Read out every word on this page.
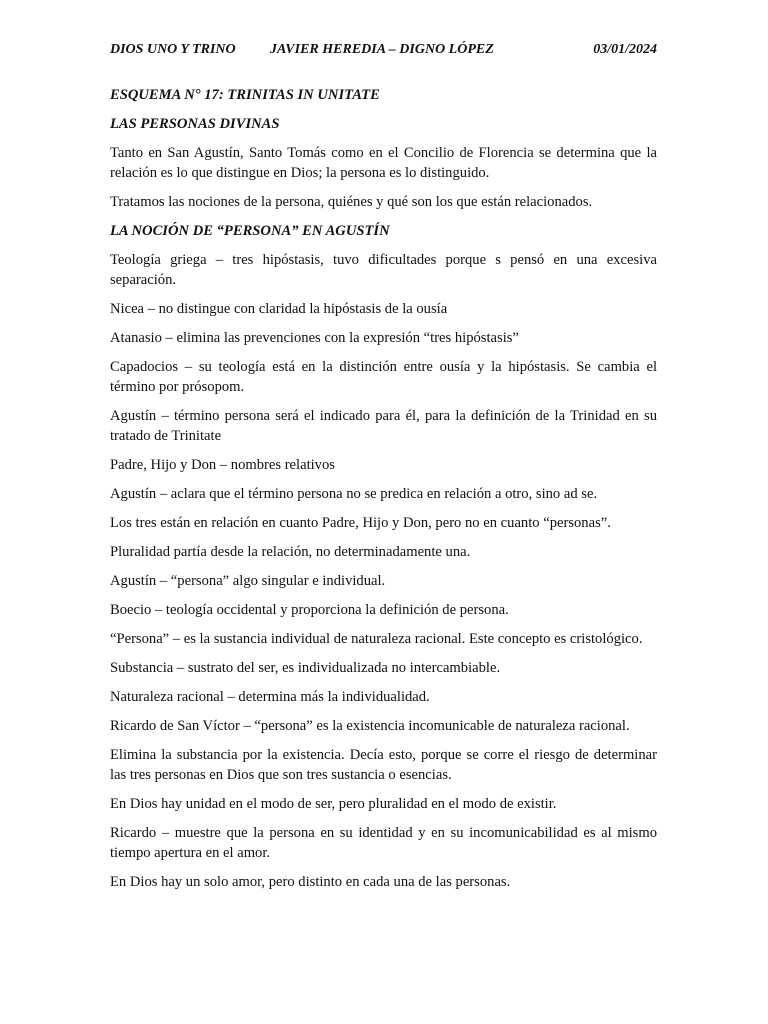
DIOS UNO Y TRINO JAVIER HEREDIA – DIGNO LÓPEZ	03/01/2024
ESQUEMA N° 17: TRINITAS IN UNITATE
LAS PERSONAS DIVINAS

Tanto en San Agustín, Santo Tomás como en el Concilio de Florencia se determina que la relación es lo que distingue en Dios; la persona es lo distinguido.

Tratamos las nociones de la persona, quiénes y qué son los que están relacionados.

LA NOCIÓN DE “PERSONA” EN AGUSTÍN

Teología griega – tres hipóstasis, tuvo dificultades porque s pensó en una excesiva separación.

Nicea – no distingue con claridad la hipóstasis de la ousía

Atanasio – elimina las prevenciones con la expresión “tres hipóstasis”

Capadocios – su teología está en la distinción entre ousía y la hipóstasis. Se cambia el término por prósopom.

Agustín – término persona será el indicado para él, para la definición de la Trinidad en su tratado de Trinitate

Padre, Hijo y Don – nombres relativos

Agustín – aclara que el término persona no se predica en relación a otro, sino ad se.

Los tres están en relación en cuanto Padre, Hijo y Don, pero no en cuanto “personas”.

Pluralidad partía desde la relación, no determinadamente una.

Agustín – “persona” algo singular e individual.

Boecio – teología occidental y proporciona la definición de persona.

“Persona” – es la sustancia individual de naturaleza racional. Este concepto es cristológico.

Substancia – sustrato del ser, es individualizada no intercambiable.

Naturaleza racional – determina más la individualidad.

Ricardo de San Víctor – “persona” es la existencia incomunicable de naturaleza racional.

Elimina la substancia por la existencia. Decía esto, porque se corre el riesgo de determinar las tres personas en Dios que son tres sustancia o esencias.

En Dios hay unidad en el modo de ser, pero pluralidad en el modo de existir.

Ricardo – muestre que la persona en su identidad y en su incomunicabilidad es al mismo tiempo apertura en el amor.

En Dios hay un solo amor, pero distinto en cada una de las personas.
